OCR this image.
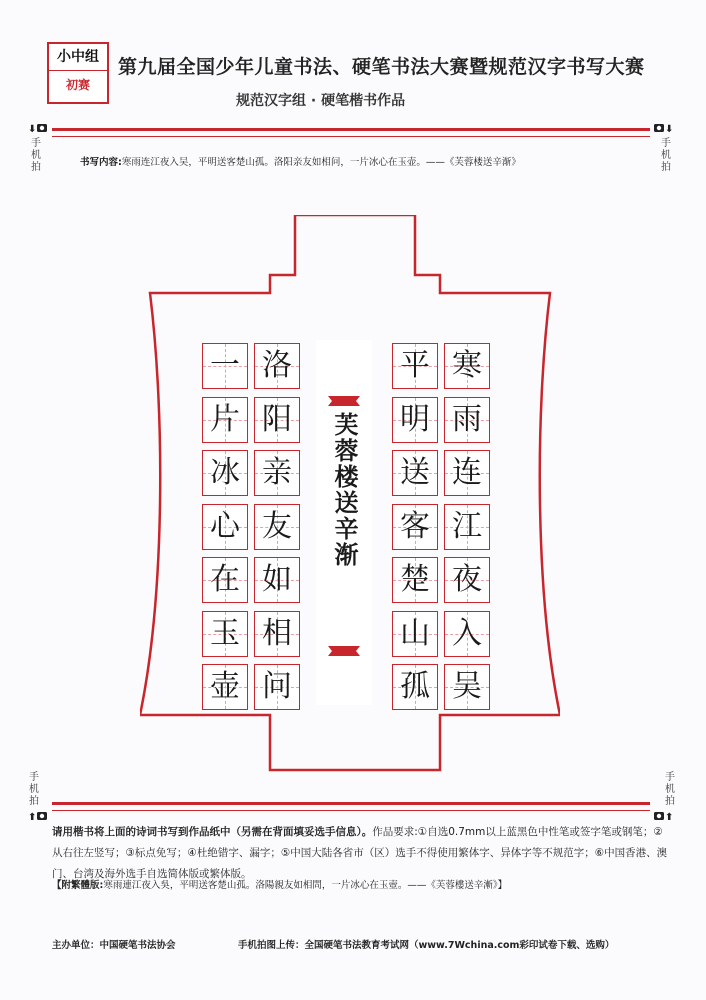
小中组
初赛
第九届全国少年儿童书法、硬笔书法大赛暨规范汉字书写大赛
规范汉字组 · 硬笔楷书作品
⬇
手机拍
⬇
手机拍
书写内容:寒雨连江夜入吴，平明送客楚山孤。洛阳亲友如相问，一片冰心在玉壶。——《芙蓉楼送辛渐》
芙蓉楼送辛渐
寒
雨
连
江
夜
入
吴
平
明
送
客
楚
山
孤
洛
阳
亲
友
如
相
问
一
片
冰
心
在
玉
壶
手机拍
⬆
手机拍
⬆
请用楷书将上面的诗词书写到作品纸中（另需在背面填妥选手信息）。作品要求:①自选0.7mm以上蓝黑色中性笔或签字笔或钢笔；②从右往左竖写；③标点免写；④杜绝错字、漏字；⑤中国大陆各省市（区）选手不得使用繁体字、异体字等不规范字；⑥中国香港、澳门、台湾及海外选手自选简体版或繁体版。
【附繁體版:寒雨連江夜入吳，平明送客楚山孤。洛陽親友如相問，一片冰心在玉壺。——《芙蓉樓送辛漸》】
主办单位：中国硬笔书法协会	手机拍图上传：全国硬笔书法教育考试网（www.7Wchina.com彩印试卷下载、选购）
